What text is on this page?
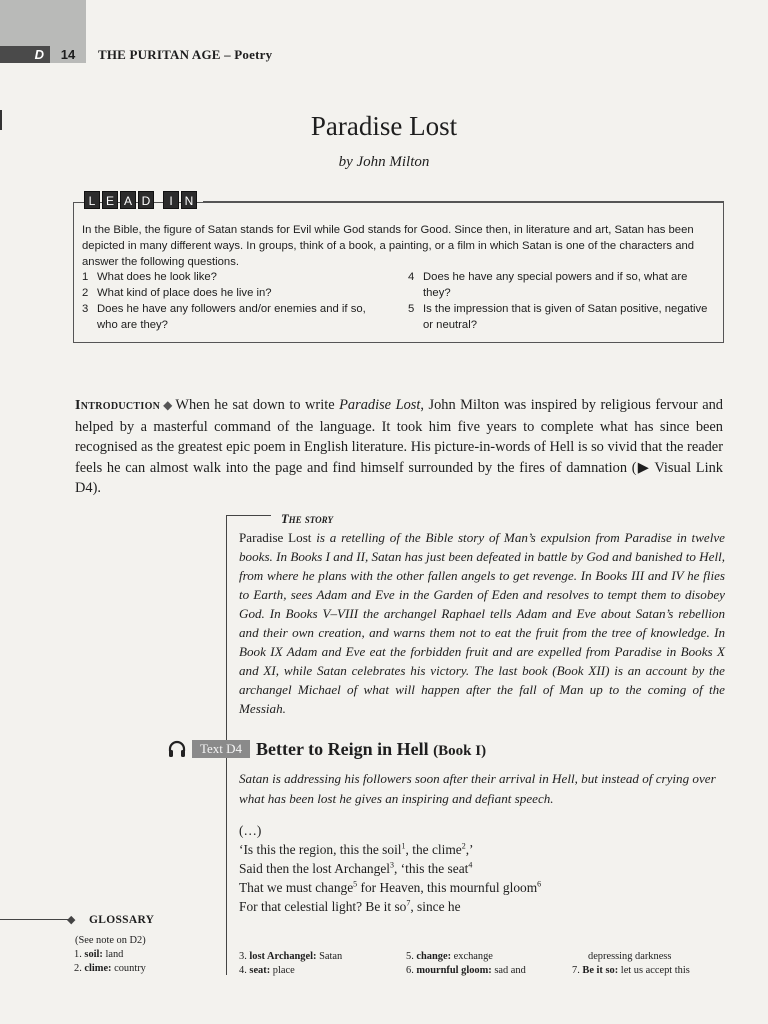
D	14	THE PURITAN AGE – Poetry
Paradise Lost
by John Milton
L E A D	I N
In the Bible, the figure of Satan stands for Evil while God stands for Good. Since then, in literature and art, Satan has been depicted in many different ways. In groups, think of a book, a painting, or a film in which Satan is one of the characters and answer the following questions.
1 What does he look like?
2 What kind of place does he live in?
3 Does he have any followers and/or enemies and if so, who are they?
4 Does he have any special powers and if so, what are they?
5 Is the impression that is given of Satan positive, negative or neutral?
Introduction ◆ When he sat down to write Paradise Lost, John Milton was inspired by religious fervour and helped by a masterful command of the language. It took him five years to complete what has since been recognised as the greatest epic poem in English literature. His picture-in-words of Hell is so vivid that the reader feels he can almost walk into the page and find himself surrounded by the fires of damnation (▶ Visual Link D4).
The story
Paradise Lost is a retelling of the Bible story of Man’s expulsion from Paradise in twelve books. In Books I and II, Satan has just been defeated in battle by God and banished to Hell, from where he plans with the other fallen angels to get revenge. In Books III and IV he flies to Earth, sees Adam and Eve in the Garden of Eden and resolves to tempt them to disobey God. In Books V–VIII the archangel Raphael tells Adam and Eve about Satan’s rebellion and their own creation, and warns them not to eat the fruit from the tree of knowledge. In Book IX Adam and Eve eat the forbidden fruit and are expelled from Paradise in Books X and XI, while Satan celebrates his victory. The last book (Book XII) is an account by the archangel Michael of what will happen after the fall of Man up to the coming of the Messiah.
Text D4 Better to Reign in Hell (Book I)
Satan is addressing his followers soon after their arrival in Hell, but instead of crying over what has been lost he gives an inspiring and defiant speech.
(…)
‘Is this the region, this the soil$^1$, the clime$^2$,’
Said then the lost Archangel$^3$, ‘this the seat$^4$
That we must change$^5$ for Heaven, this mournful gloom$^6$
For that celestial light? Be it $so^7$, since he
◆ GLOSSARY
(See note on D2)
1. soil: land
2. clime: country
3. lost Archangel: Satan
4. seat: place
5. change: exchange
6. mournful gloom: sad and
depressing darkness
7. Be it so: let us accept this
